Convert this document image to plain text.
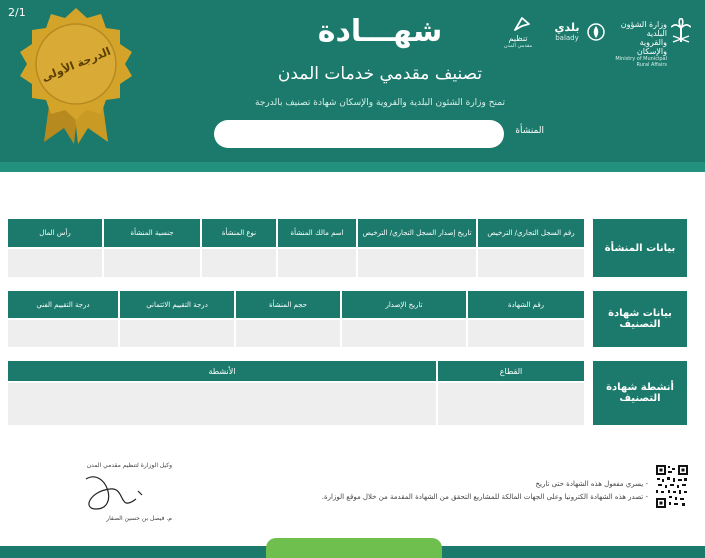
2/1
الدرجة الأولى
شهـــادة
تصنيف مقدمي خدمات المدن
تمنح وزارة الشئون البلدية والقروية والإسكان شهادة تصنيف بالدرجة
المنشأة
وزارة الشؤون البلدية
والقروية والإسكان
Ministry of Municipal Rural Affairs
بلدي
balady
تنظيم
مقدمي المدن
بيانات المنشأة
رقم السجل التجاري/ الترخيص
تاريخ إصدار السجل التجاري/ الترخيص
اسم مالك المنشأة
نوع المنشأة
جنسية المنشأة
رأس المال
بيانات شهادة التصنيف
رقم الشهادة
تاريخ الإصدار
حجم المنشأة
درجة التقييم الائتماني
درجة التقييم الفني
أنشطة شهادة التصنيف
القطاع
الأنشطة
وكيل الوزارة لتنظيم مقدمي المدن
م. فيصل بن حسين الصفار
- يسري مفعول هذه الشهادة حتى تاريخ
- تصدر هذه الشهادة الكترونيا وعلى الجهات المالكة للمشاريع التحقق من الشهادة المقدمة من خلال موقع الوزارة.
